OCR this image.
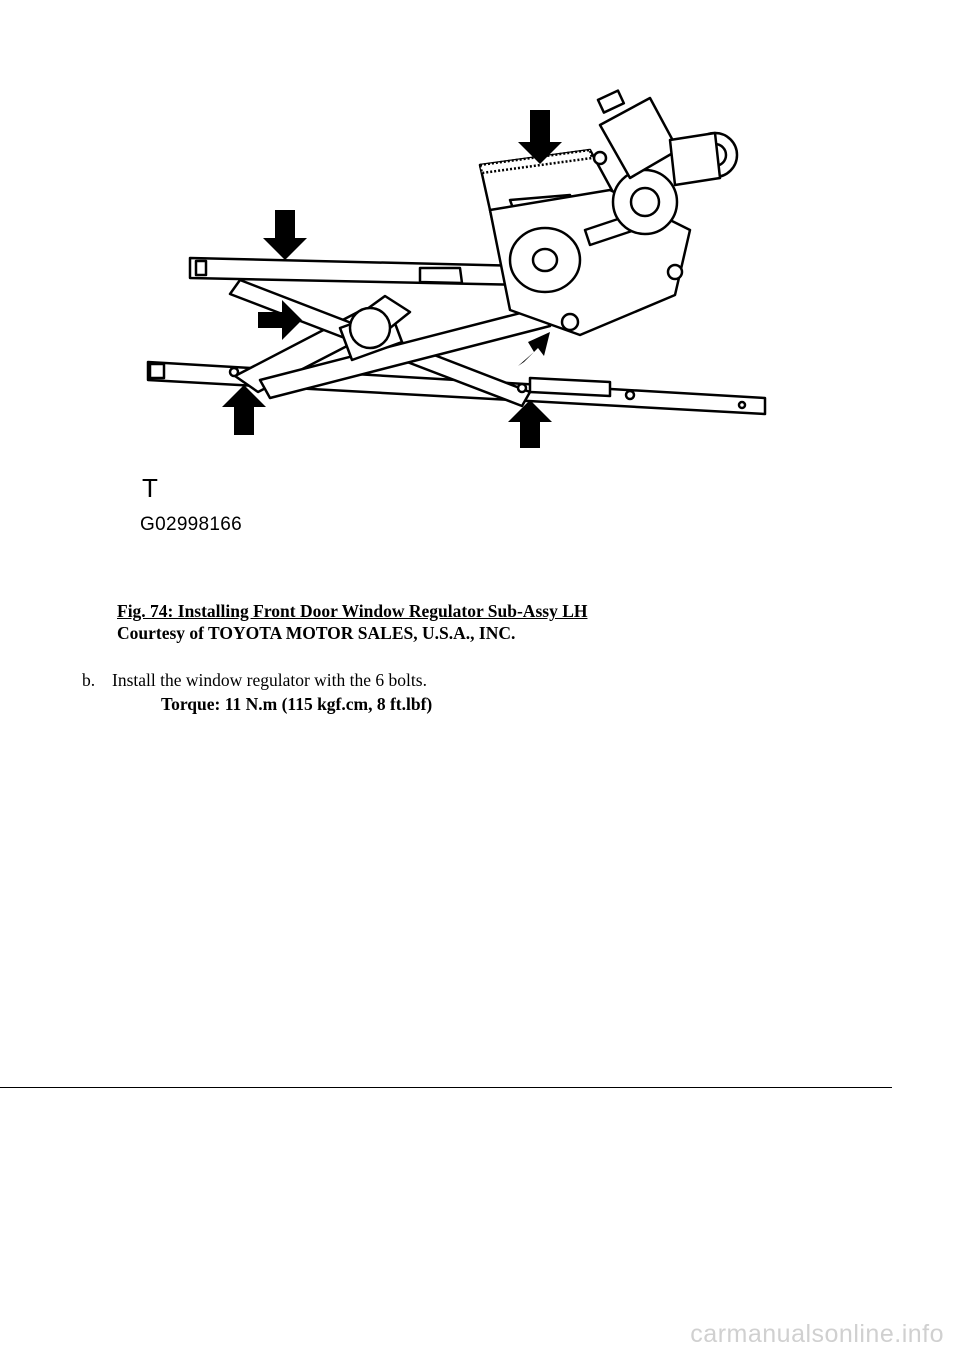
T
G02998166
Fig. 74: Installing Front Door Window Regulator Sub-Assy LH
Courtesy of TOYOTA MOTOR SALES, U.S.A., INC.
b. Install the window regulator with the 6 bolts.
Torque: 11 N.m (115 kgf.cm, 8 ft.lbf)
carmanualsonline.info
